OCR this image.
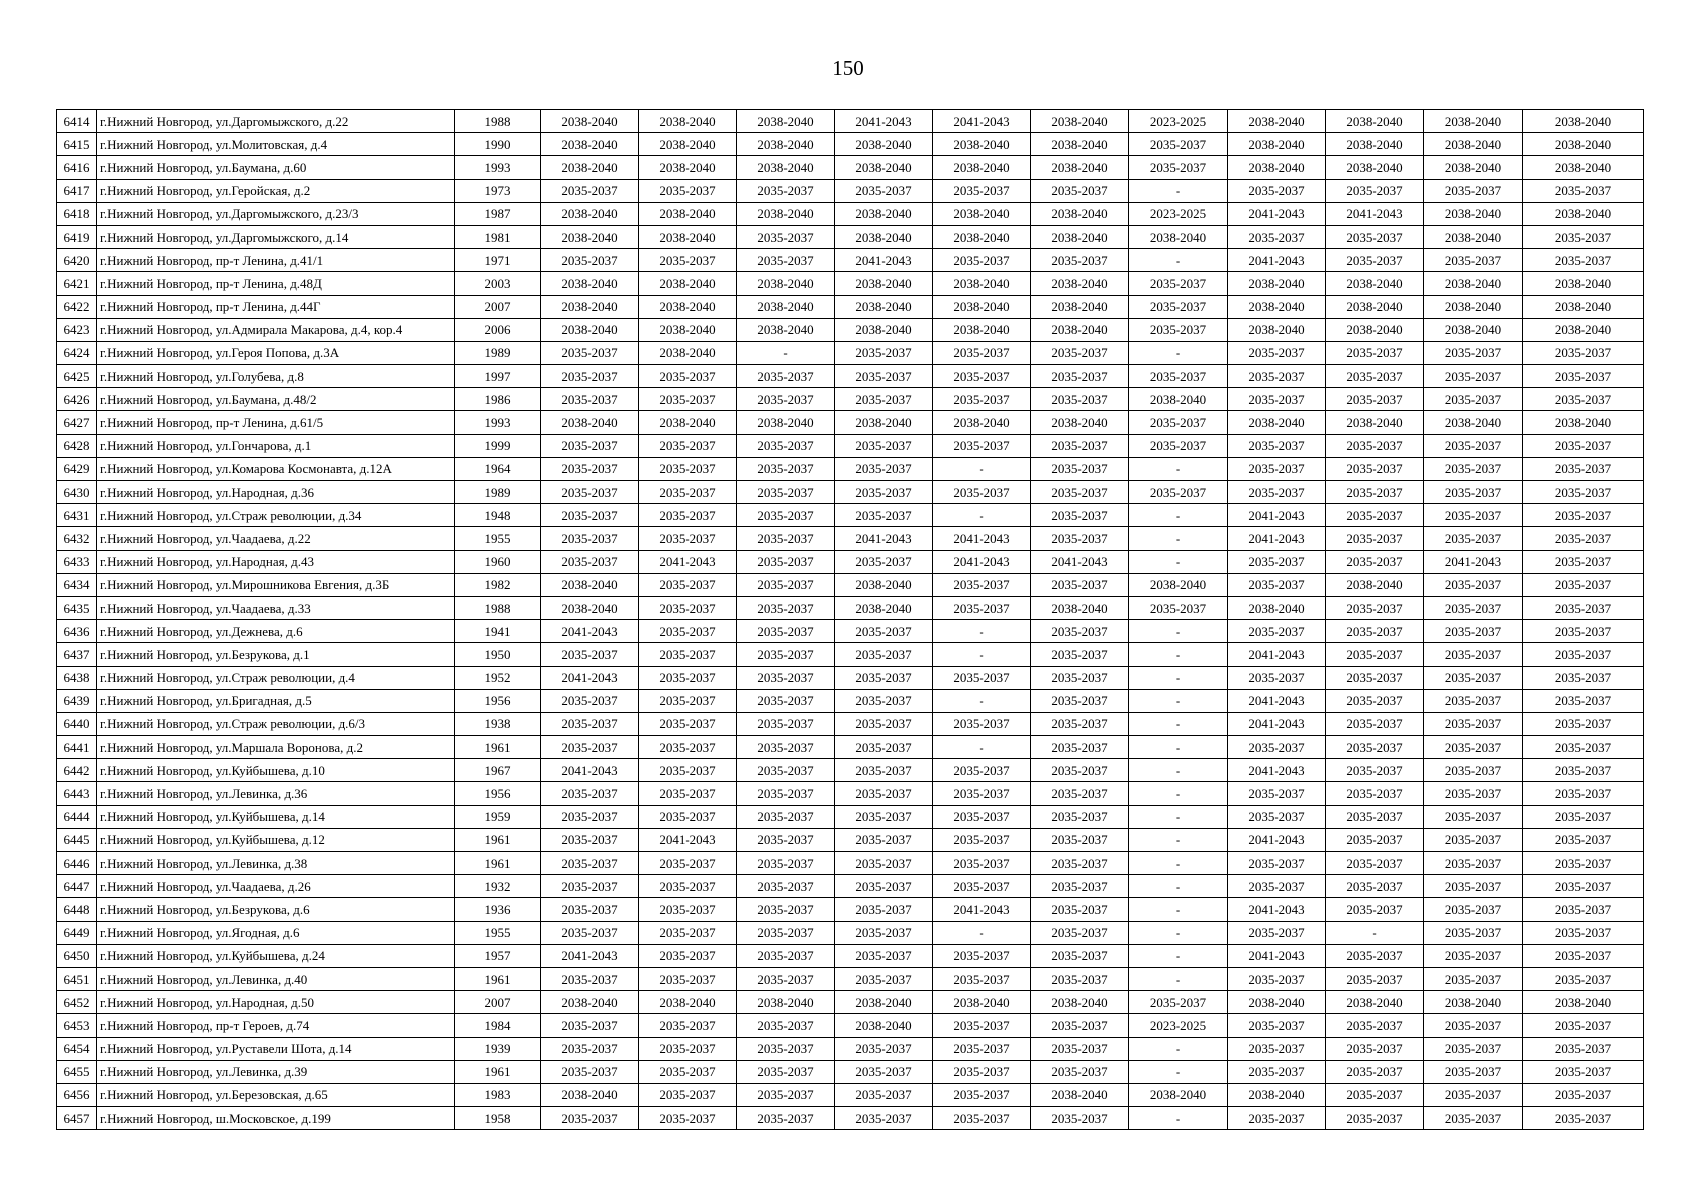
150
6414	г.Нижний Новгород, ул.Даргомыжского, д.22	1988	2038-2040	2038-2040	2038-2040	2041-2043	2041-2043	2038-2040	2023-2025	2038-2040	2038-2040	2038-2040	2038-2040
6415	г.Нижний Новгород, ул.Молитовская, д.4	1990	2038-2040	2038-2040	2038-2040	2038-2040	2038-2040	2038-2040	2035-2037	2038-2040	2038-2040	2038-2040	2038-2040
6416	г.Нижний Новгород, ул.Баумана, д.60	1993	2038-2040	2038-2040	2038-2040	2038-2040	2038-2040	2038-2040	2035-2037	2038-2040	2038-2040	2038-2040	2038-2040
6417	г.Нижний Новгород, ул.Геройская, д.2	1973	2035-2037	2035-2037	2035-2037	2035-2037	2035-2037	2035-2037	-	2035-2037	2035-2037	2035-2037	2035-2037
6418	г.Нижний Новгород, ул.Даргомыжского, д.23/3	1987	2038-2040	2038-2040	2038-2040	2038-2040	2038-2040	2038-2040	2023-2025	2041-2043	2041-2043	2038-2040	2038-2040
6419	г.Нижний Новгород, ул.Даргомыжского, д.14	1981	2038-2040	2038-2040	2035-2037	2038-2040	2038-2040	2038-2040	2038-2040	2035-2037	2035-2037	2038-2040	2035-2037
6420	г.Нижний Новгород, пр-т Ленина, д.41/1	1971	2035-2037	2035-2037	2035-2037	2041-2043	2035-2037	2035-2037	-	2041-2043	2035-2037	2035-2037	2035-2037
6421	г.Нижний Новгород, пр-т Ленина, д.48Д	2003	2038-2040	2038-2040	2038-2040	2038-2040	2038-2040	2038-2040	2035-2037	2038-2040	2038-2040	2038-2040	2038-2040
6422	г.Нижний Новгород, пр-т Ленина, д.44Г	2007	2038-2040	2038-2040	2038-2040	2038-2040	2038-2040	2038-2040	2035-2037	2038-2040	2038-2040	2038-2040	2038-2040
6423	г.Нижний Новгород, ул.Адмирала Макарова, д.4, кор.4	2006	2038-2040	2038-2040	2038-2040	2038-2040	2038-2040	2038-2040	2035-2037	2038-2040	2038-2040	2038-2040	2038-2040
6424	г.Нижний Новгород, ул.Героя Попова, д.3А	1989	2035-2037	2038-2040	-	2035-2037	2035-2037	2035-2037	-	2035-2037	2035-2037	2035-2037	2035-2037
6425	г.Нижний Новгород, ул.Голубева, д.8	1997	2035-2037	2035-2037	2035-2037	2035-2037	2035-2037	2035-2037	2035-2037	2035-2037	2035-2037	2035-2037	2035-2037
6426	г.Нижний Новгород, ул.Баумана, д.48/2	1986	2035-2037	2035-2037	2035-2037	2035-2037	2035-2037	2035-2037	2038-2040	2035-2037	2035-2037	2035-2037	2035-2037
6427	г.Нижний Новгород, пр-т Ленина, д.61/5	1993	2038-2040	2038-2040	2038-2040	2038-2040	2038-2040	2038-2040	2035-2037	2038-2040	2038-2040	2038-2040	2038-2040
6428	г.Нижний Новгород, ул.Гончарова, д.1	1999	2035-2037	2035-2037	2035-2037	2035-2037	2035-2037	2035-2037	2035-2037	2035-2037	2035-2037	2035-2037	2035-2037
6429	г.Нижний Новгород, ул.Комарова Космонавта, д.12А	1964	2035-2037	2035-2037	2035-2037	2035-2037	-	2035-2037	-	2035-2037	2035-2037	2035-2037	2035-2037
6430	г.Нижний Новгород, ул.Народная, д.36	1989	2035-2037	2035-2037	2035-2037	2035-2037	2035-2037	2035-2037	2035-2037	2035-2037	2035-2037	2035-2037	2035-2037
6431	г.Нижний Новгород, ул.Страж революции, д.34	1948	2035-2037	2035-2037	2035-2037	2035-2037	-	2035-2037	-	2041-2043	2035-2037	2035-2037	2035-2037
6432	г.Нижний Новгород, ул.Чаадаева, д.22	1955	2035-2037	2035-2037	2035-2037	2041-2043	2041-2043	2035-2037	-	2041-2043	2035-2037	2035-2037	2035-2037
6433	г.Нижний Новгород, ул.Народная, д.43	1960	2035-2037	2041-2043	2035-2037	2035-2037	2041-2043	2041-2043	-	2035-2037	2035-2037	2041-2043	2035-2037
6434	г.Нижний Новгород, ул.Мирошникова Евгения, д.3Б	1982	2038-2040	2035-2037	2035-2037	2038-2040	2035-2037	2035-2037	2038-2040	2035-2037	2038-2040	2035-2037	2035-2037
6435	г.Нижний Новгород, ул.Чаадаева, д.33	1988	2038-2040	2035-2037	2035-2037	2038-2040	2035-2037	2038-2040	2035-2037	2038-2040	2035-2037	2035-2037	2035-2037
6436	г.Нижний Новгород, ул.Дежнева, д.6	1941	2041-2043	2035-2037	2035-2037	2035-2037	-	2035-2037	-	2035-2037	2035-2037	2035-2037	2035-2037
6437	г.Нижний Новгород, ул.Безрукова, д.1	1950	2035-2037	2035-2037	2035-2037	2035-2037	-	2035-2037	-	2041-2043	2035-2037	2035-2037	2035-2037
6438	г.Нижний Новгород, ул.Страж революции, д.4	1952	2041-2043	2035-2037	2035-2037	2035-2037	2035-2037	2035-2037	-	2035-2037	2035-2037	2035-2037	2035-2037
6439	г.Нижний Новгород, ул.Бригадная, д.5	1956	2035-2037	2035-2037	2035-2037	2035-2037	-	2035-2037	-	2041-2043	2035-2037	2035-2037	2035-2037
6440	г.Нижний Новгород, ул.Страж революции, д.6/3	1938	2035-2037	2035-2037	2035-2037	2035-2037	2035-2037	2035-2037	-	2041-2043	2035-2037	2035-2037	2035-2037
6441	г.Нижний Новгород, ул.Маршала Воронова, д.2	1961	2035-2037	2035-2037	2035-2037	2035-2037	-	2035-2037	-	2035-2037	2035-2037	2035-2037	2035-2037
6442	г.Нижний Новгород, ул.Куйбышева, д.10	1967	2041-2043	2035-2037	2035-2037	2035-2037	2035-2037	2035-2037	-	2041-2043	2035-2037	2035-2037	2035-2037
6443	г.Нижний Новгород, ул.Левинка, д.36	1956	2035-2037	2035-2037	2035-2037	2035-2037	2035-2037	2035-2037	-	2035-2037	2035-2037	2035-2037	2035-2037
6444	г.Нижний Новгород, ул.Куйбышева, д.14	1959	2035-2037	2035-2037	2035-2037	2035-2037	2035-2037	2035-2037	-	2035-2037	2035-2037	2035-2037	2035-2037
6445	г.Нижний Новгород, ул.Куйбышева, д.12	1961	2035-2037	2041-2043	2035-2037	2035-2037	2035-2037	2035-2037	-	2041-2043	2035-2037	2035-2037	2035-2037
6446	г.Нижний Новгород, ул.Левинка, д.38	1961	2035-2037	2035-2037	2035-2037	2035-2037	2035-2037	2035-2037	-	2035-2037	2035-2037	2035-2037	2035-2037
6447	г.Нижний Новгород, ул.Чаадаева, д.26	1932	2035-2037	2035-2037	2035-2037	2035-2037	2035-2037	2035-2037	-	2035-2037	2035-2037	2035-2037	2035-2037
6448	г.Нижний Новгород, ул.Безрукова, д.6	1936	2035-2037	2035-2037	2035-2037	2035-2037	2041-2043	2035-2037	-	2041-2043	2035-2037	2035-2037	2035-2037
6449	г.Нижний Новгород, ул.Ягодная, д.6	1955	2035-2037	2035-2037	2035-2037	2035-2037	-	2035-2037	-	2035-2037	-	2035-2037	2035-2037
6450	г.Нижний Новгород, ул.Куйбышева, д.24	1957	2041-2043	2035-2037	2035-2037	2035-2037	2035-2037	2035-2037	-	2041-2043	2035-2037	2035-2037	2035-2037
6451	г.Нижний Новгород, ул.Левинка, д.40	1961	2035-2037	2035-2037	2035-2037	2035-2037	2035-2037	2035-2037	-	2035-2037	2035-2037	2035-2037	2035-2037
6452	г.Нижний Новгород, ул.Народная, д.50	2007	2038-2040	2038-2040	2038-2040	2038-2040	2038-2040	2038-2040	2035-2037	2038-2040	2038-2040	2038-2040	2038-2040
6453	г.Нижний Новгород, пр-т Героев, д.74	1984	2035-2037	2035-2037	2035-2037	2038-2040	2035-2037	2035-2037	2023-2025	2035-2037	2035-2037	2035-2037	2035-2037
6454	г.Нижний Новгород, ул.Руставели Шота, д.14	1939	2035-2037	2035-2037	2035-2037	2035-2037	2035-2037	2035-2037	-	2035-2037	2035-2037	2035-2037	2035-2037
6455	г.Нижний Новгород, ул.Левинка, д.39	1961	2035-2037	2035-2037	2035-2037	2035-2037	2035-2037	2035-2037	-	2035-2037	2035-2037	2035-2037	2035-2037
6456	г.Нижний Новгород, ул.Березовская, д.65	1983	2038-2040	2035-2037	2035-2037	2035-2037	2035-2037	2038-2040	2038-2040	2038-2040	2035-2037	2035-2037	2035-2037
6457	г.Нижний Новгород, ш.Московское, д.199	1958	2035-2037	2035-2037	2035-2037	2035-2037	2035-2037	2035-2037	-	2035-2037	2035-2037	2035-2037	2035-2037
